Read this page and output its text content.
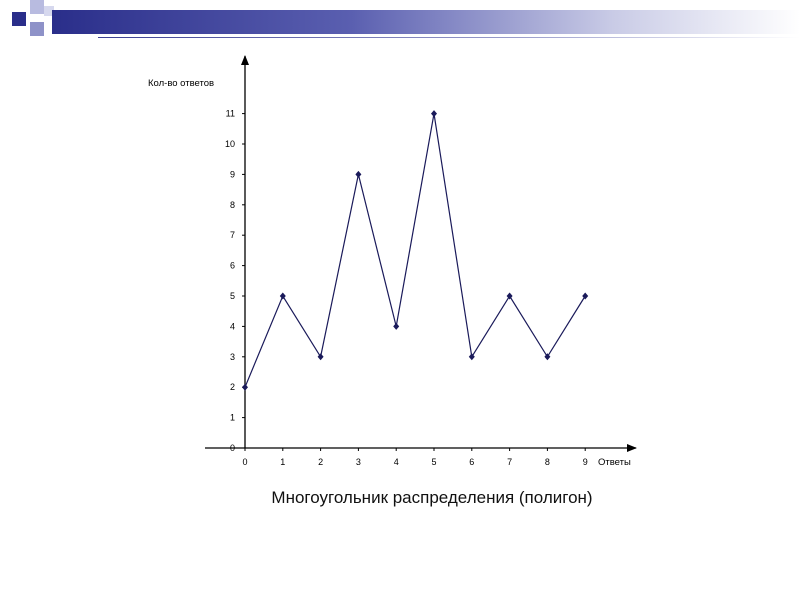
Кол-во ответов
Ответы
0
1
2
3
4
5
6
7
8
9
10
11
0	1	2	3	4	5	6	7	8	9
Многоугольник распределения (полигон)
